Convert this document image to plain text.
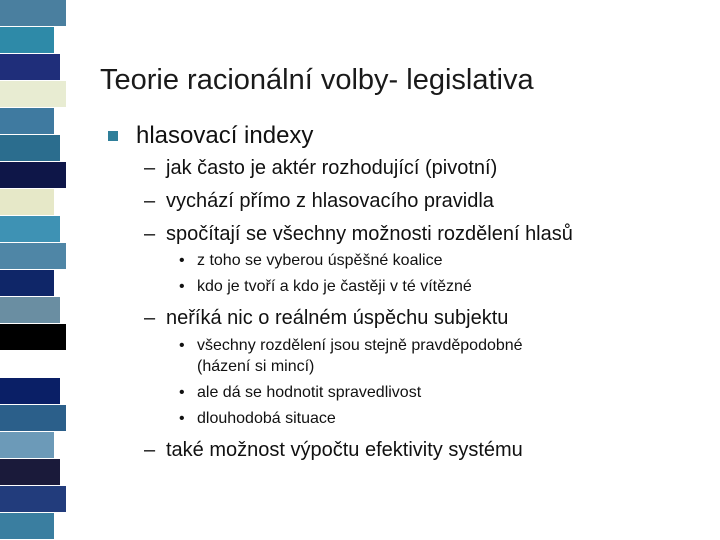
Teorie racionální volby- legislativa
hlasovací indexy
– jak často je aktér rozhodující (pivotní)
– vychází přímo z hlasovacího pravidla
– spočítají se všechny možnosti rozdělení hlasů
• z toho se vyberou úspěšné koalice
• kdo je tvoří a kdo je častěji v té vítězné
– neříká nic o reálném úspěchu subjektu
• všechny rozdělení jsou stejně pravděpodobné
(házení si mincí)
• ale dá se hodnotit spravedlivost
• dlouhodobá situace
– také možnost výpočtu efektivity systému
